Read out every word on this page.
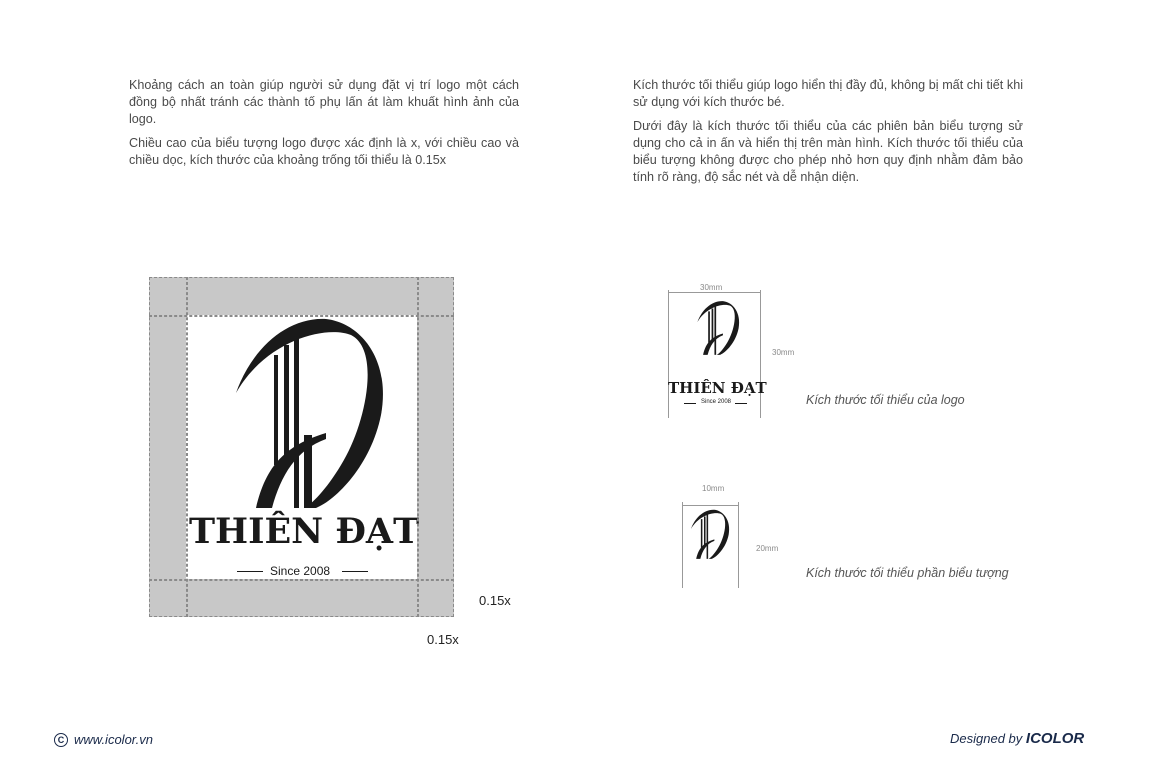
Khoảng cách an toàn giúp người sử dụng đặt vị trí logo một cách đồng bộ nhất tránh các thành tố phụ lấn át làm khuất hình ảnh của logo.

Chiều cao của biểu tượng logo được xác định là x, với chiều cao và chiều dọc, kích thước của khoảng trống tối thiểu là 0.15x

Kích thước tối thiểu giúp logo hiển thị đầy đủ, không bị mất chi tiết khi sử dụng với kích thước bé.

Dưới đây là kích thước tối thiểu của các phiên bản biểu tượng sử dụng cho cả in ấn và hiển thị trên màn hình. Kích thước tối thiểu của biểu tượng không được cho phép nhỏ hơn quy định nhằm đảm bảo tính rõ ràng, độ sắc nét và dễ nhận diện.

THIÊN ĐẠT
Since 2008
0.15x
0.15x
30mm
30mm
THIÊN ĐẠT
Since 2008	Kích thước tối thiểu của logo
10mm
20mm
Kích thước tối thiểu phần biểu tượng
C www.icolor.vn	Designed by ICOLOR
